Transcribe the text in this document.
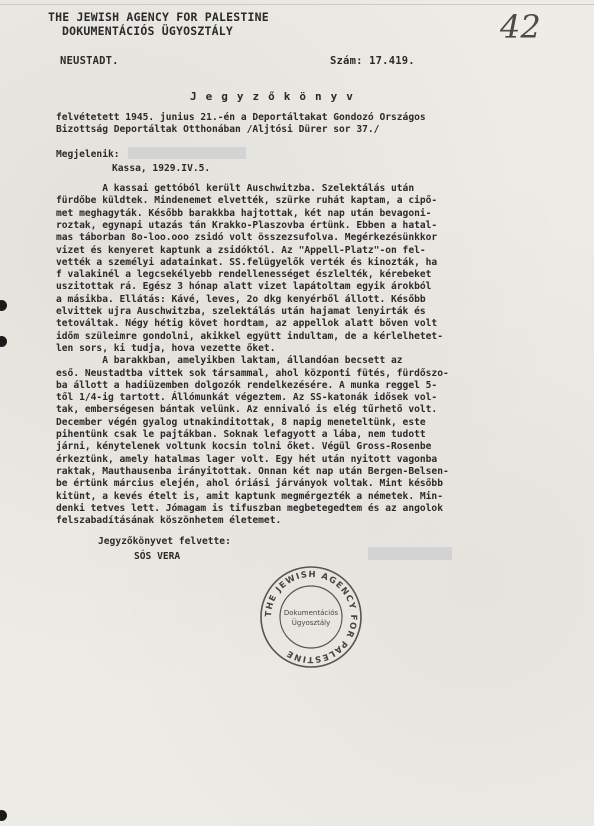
THE JEWISH AGENCY FOR PALESTINE
DOKUMENTÁCIÓS ÜGYOSZTÁLY
NEUSTADT.	Szám: 17.419.
42
Jegyzőkönyv
felvétetett 1945. junius 21.-én a Deportáltakat Gondozó Országos
Bizottság Deportáltak Otthonában /Aljtósi Dürer sor 37./
Megjelenik:
Kassa, 1929.IV.5.
A kassai gettóból került Auschwitzba. Szelektálás után
fürdőbe küldtek. Mindenemet elvették, szürke ruhát kaptam, a cipő-
met meghagyták. Később barakkba hajtottak, két nap után bevagoni-
roztak, egynapi utazás tán Krakko-Plaszovba értünk. Ebben a hatal-
mas táborban 8o-loo.ooo zsidó volt összezsufolva. Megérkezésünkkor
vizet és kenyeret kaptunk a zsidóktól. Az "Appell-Platz"-on fel-
vették a személyi adatainkat. SS.felügyelők verték és kinozták, ha
f valakinél a legcsekélyebb rendellenességet észlelték, kérebeket
uszitottak rá. Egész 3 hónap alatt vizet lapátoltam egyik árokból
a másikba. Ellátás: Kávé, leves, 2o dkg kenyérből állott. Később
elvittek ujra Auschwitzba, szelektálás után hajamat lenyirták és
tetováltak. Négy hétig követ hordtam, az appellok alatt bőven volt
időm szüleimre gondolni, akikkel együtt indultam, de a kérlelhetet-
len sors, ki tudja, hova vezette őket.
A barakkban, amelyikben laktam, állandóan becsett az
eső. Neustadtba vittek sok társammal, ahol központi fütés, fürdőszo-
ba állott a hadiüzemben dolgozók rendelkezésére. A munka reggel 5-
től 1/4-ig tartott. Állómunkát végeztem. Az SS-katonák idősek vol-
tak, emberségesen bántak velünk. Az ennivaló is elég tűrhető volt.
December végén gyalog utnakinditottak, 8 napig meneteltünk, este
pihentünk csak le pajtákban. Soknak lefagyott a lába, nem tudott
járni, kénytelenek voltunk kocsin tolni őket. Végül Gross-Rosenbe
érkeztünk, amely hatalmas lager volt. Egy hét után nyitott vagonba
raktak, Mauthausenba irányitottak. Onnan két nap után Bergen-Belsen-
be értünk március elején, ahol óriási járványok voltak. Mint később
kitünt, a kevés ételt is, amit kaptunk megmérgezték a németek. Min-
denki tetves lett. Jómagam is tifuszban megbetegedtem és az angolok
felszabadításának köszönhetem életemet.
Jegyzőkönyvet felvette:
SÓS VERA
THE JEWISH AGENCY FOR PALESTINE
Dokumentációs
Ügyosztály
